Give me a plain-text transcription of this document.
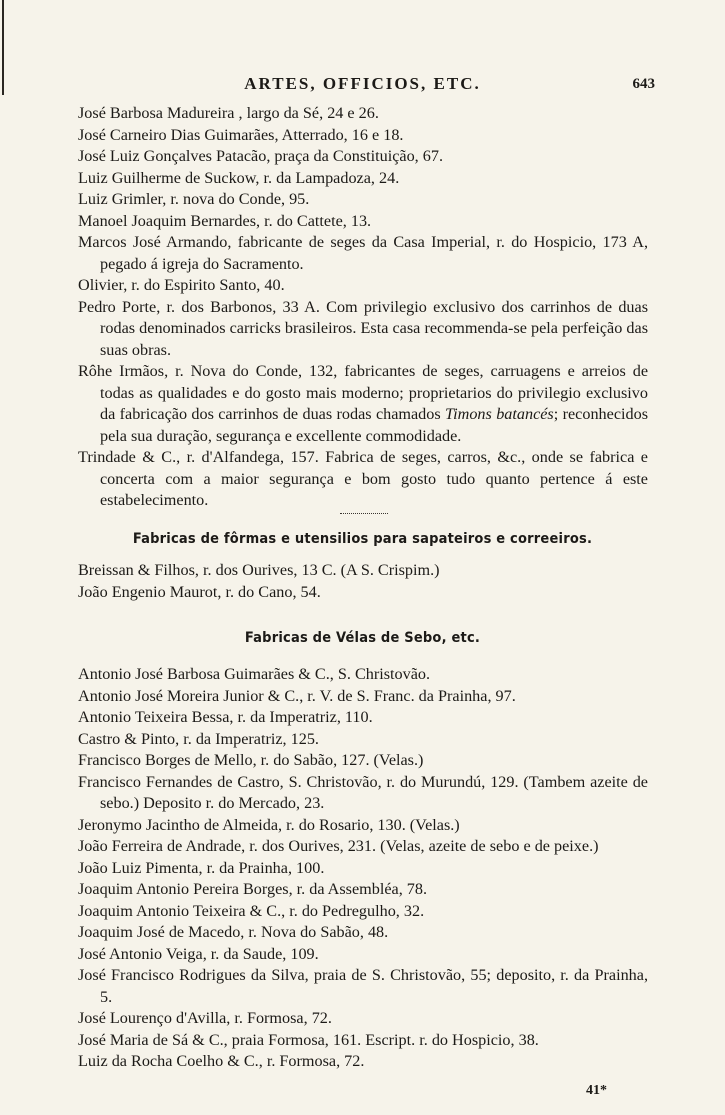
ARTES, OFFICIOS, ETC.	643

José Barbosa Madureira , largo da Sé, 24 e 26.

José Carneiro Dias Guimarães, Atterrado, 16 e 18.

José Luiz Gonçalves Patacão, praça da Constituição, 67.

Luiz Guilherme de Suckow, r. da Lampadoza, 24.

Luiz Grimler, r. nova do Conde, 95.

Manoel Joaquim Bernardes, r. do Cattete, 13.

Marcos José Armando, fabricante de seges da Casa Imperial, r. do Hospicio, 173 A, pegado á igreja do Sacramento.

Olivier, r. do Espirito Santo, 40.

Pedro Porte, r. dos Barbonos, 33 A. Com privilegio exclusivo dos carrinhos de duas rodas denominados carricks brasileiros. Esta casa recommenda-se pela perfeição das suas obras.

Rôhe Irmãos, r. Nova do Conde, 132, fabricantes de seges, carruagens e arreios de todas as qualidades e do gosto mais moderno; proprietarios do privilegio exclusivo da fabricação dos carrinhos de duas rodas chamados Timons batancés; reconhecidos pela sua duração, segurança e excellente commodidade.

Trindade & C., r. d'Alfandega, 157. Fabrica de seges, carros, &c., onde se fabrica e concerta com a maior segurança e bom gosto tudo quanto pertence á este estabelecimento.

Fabricas de fôrmas e utensilios para sapateiros e correeiros.

Breissan & Filhos, r. dos Ourives, 13 C. (A S. Crispim.)

João Engenio Maurot, r. do Cano, 54.

Fabricas de Vélas de Sebo, etc.

Antonio José Barbosa Guimarães & C., S. Christovão.

Antonio José Moreira Junior & C., r. V. de S. Franc. da Prainha, 97.

Antonio Teixeira Bessa, r. da Imperatriz, 110.

Castro & Pinto, r. da Imperatriz, 125.

Francisco Borges de Mello, r. do Sabão, 127. (Velas.)

Francisco Fernandes de Castro, S. Christovão, r. do Murundú, 129. (Tambem azeite de sebo.) Deposito r. do Mercado, 23.

Jeronymo Jacintho de Almeida, r. do Rosario, 130. (Velas.)

João Ferreira de Andrade, r. dos Ourives, 231. (Velas, azeite de sebo e de peixe.)

João Luiz Pimenta, r. da Prainha, 100.

Joaquim Antonio Pereira Borges, r. da Assembléa, 78.

Joaquim Antonio Teixeira & C., r. do Pedregulho, 32.

Joaquim José de Macedo, r. Nova do Sabão, 48.

José Antonio Veiga, r. da Saude, 109.

José Francisco Rodrigues da Silva, praia de S. Christovão, 55; deposito, r. da Prainha, 5.

José Lourenço d'Avilla, r. Formosa, 72.

José Maria de Sá & C., praia Formosa, 161. Escript. r. do Hospicio, 38.

Luiz da Rocha Coelho & C., r. Formosa, 72.

41*
